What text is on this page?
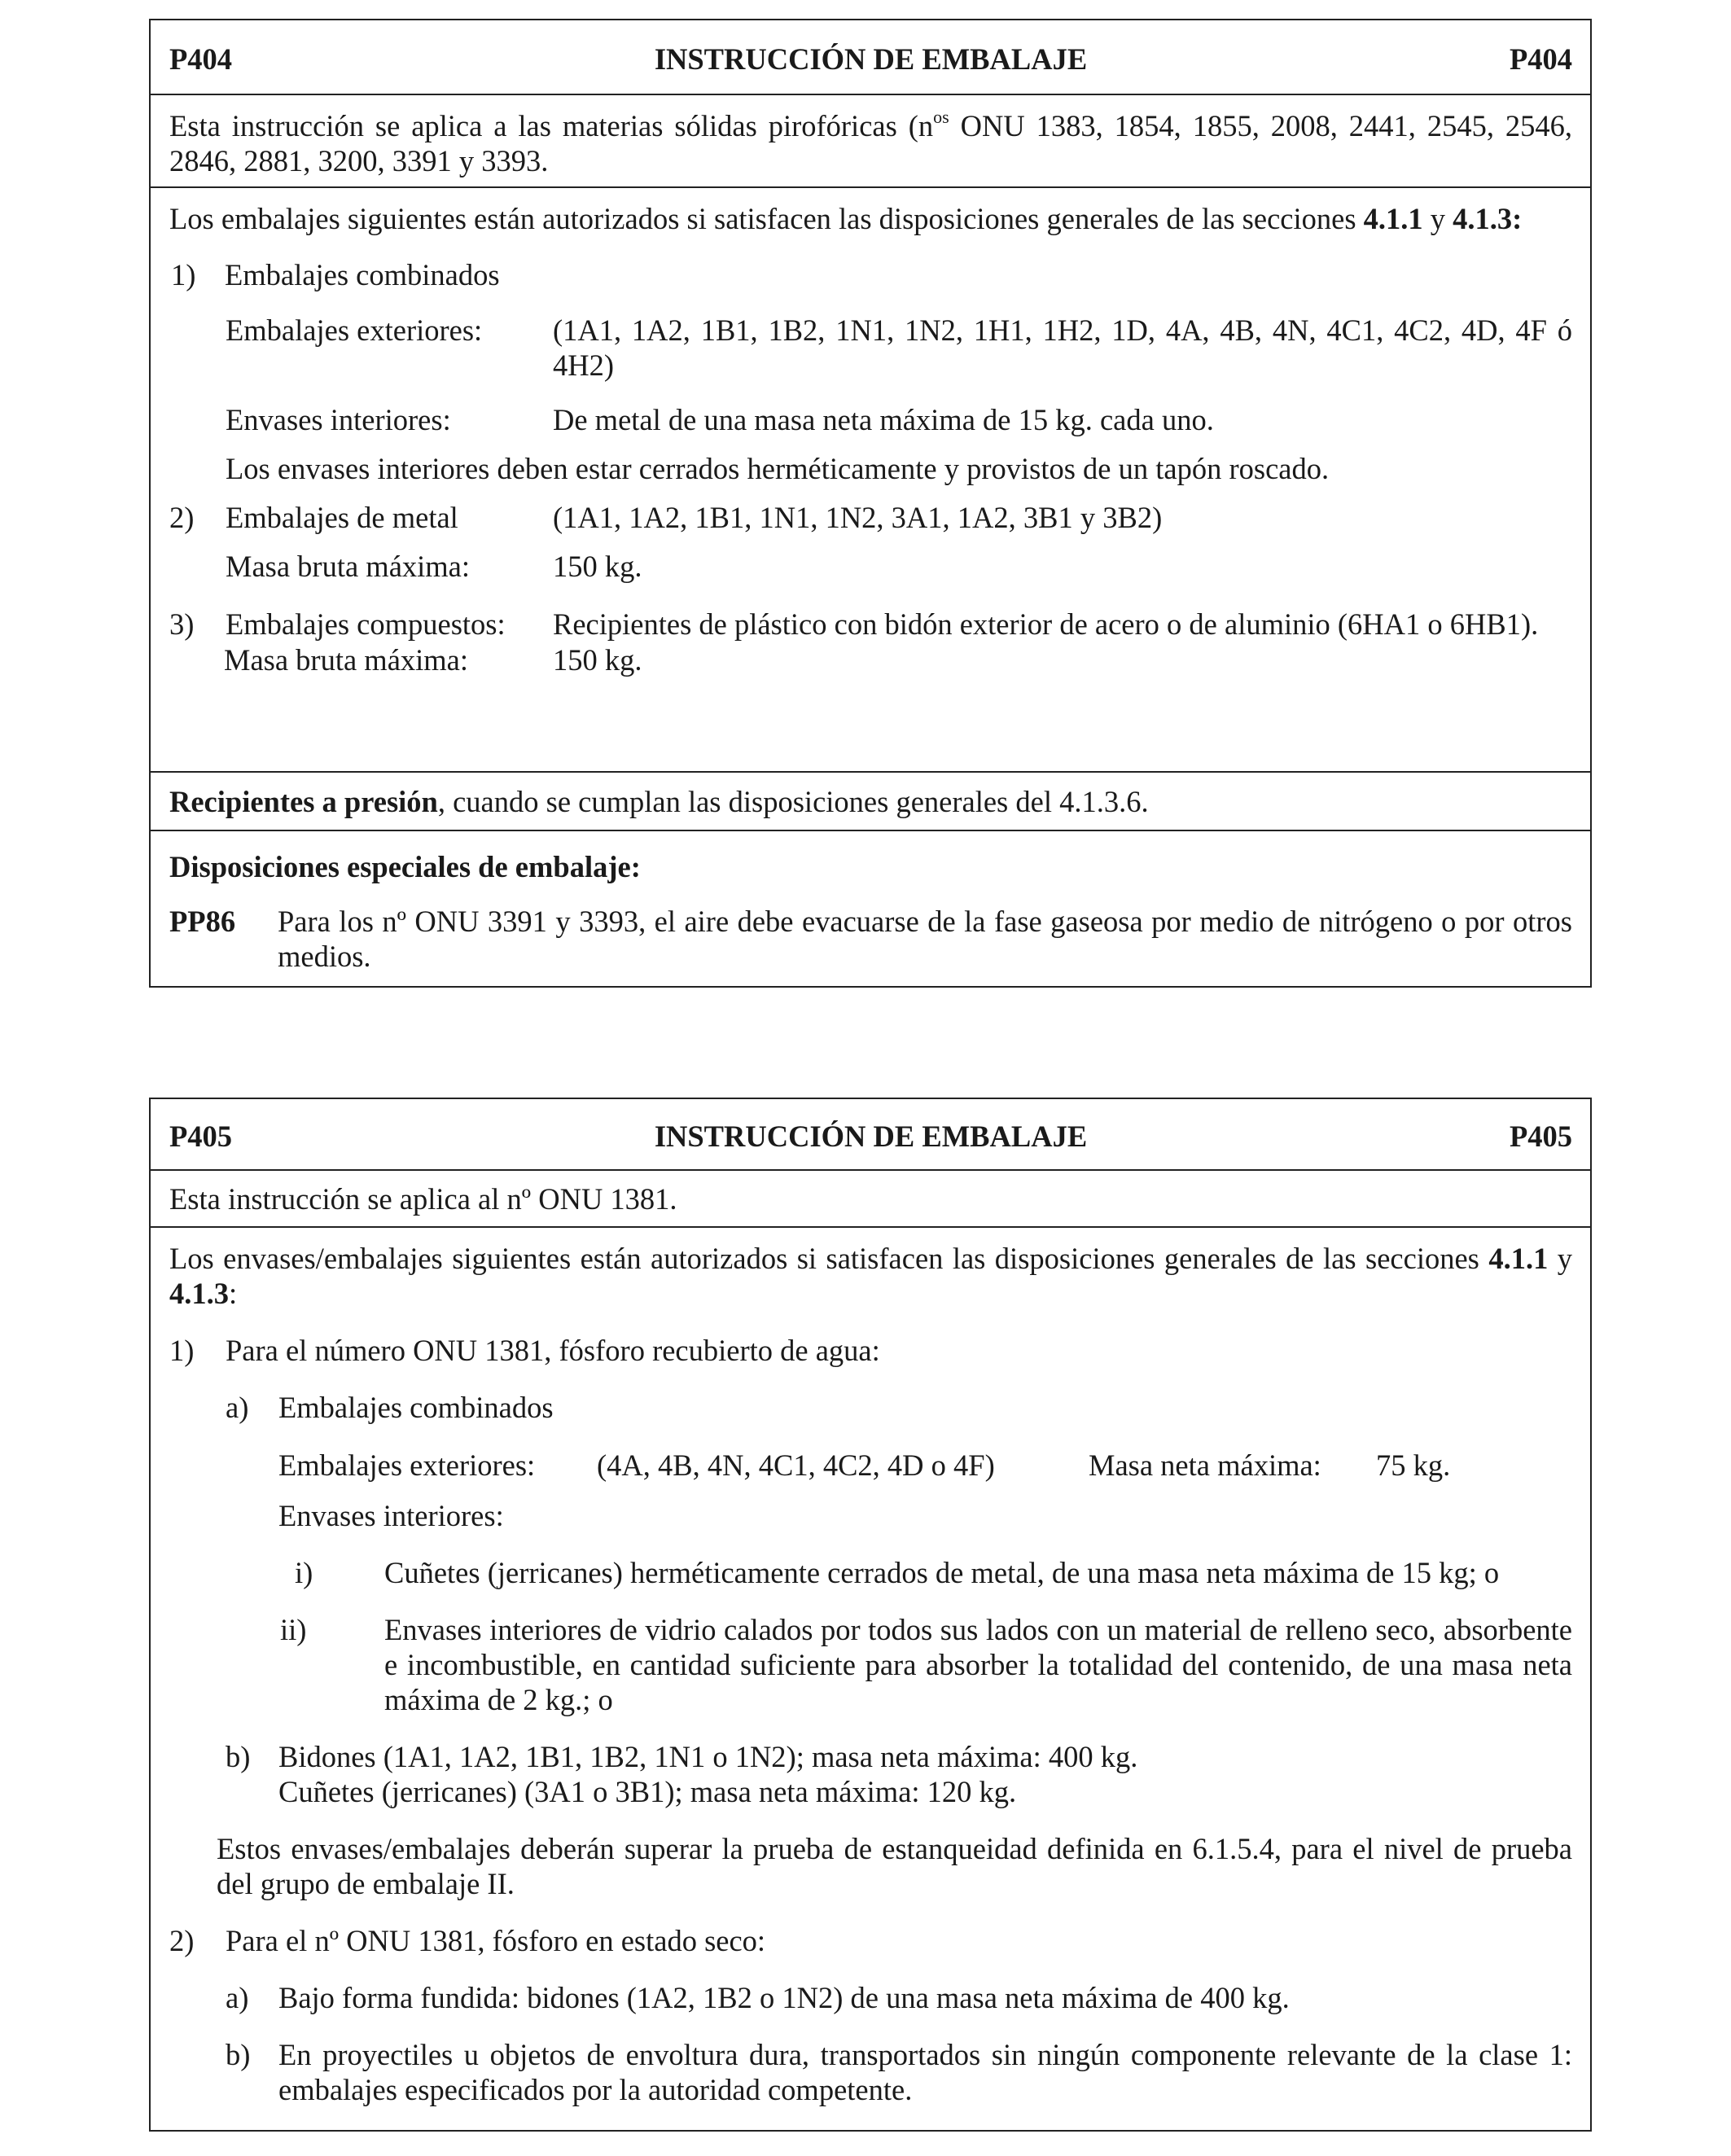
P404	INSTRUCCIÓN DE EMBALAJE	P404
Esta instrucción se aplica a las materias sólidas pirofóricas ($n^{os}$ ONU 1383, 1854, 1855, 2008, 2441, 2545, 2546, 2846, 2881, 3200, 3391 y 3393.
Los embalajes siguientes están autorizados si satisfacen las disposiciones generales de las secciones 4.1.1 y 4.1.3:
1) Embalajes combinados
Embalajes exteriores:	(1A1, 1A2, 1B1, 1B2, 1N1, 1N2, 1H1, 1H2, 1D, 4A, 4B, 4N, 4C1, 4C2, 4D, 4F ó 4H2)
Envases interiores:	De metal de una masa neta máxima de 15 kg. cada uno.
Los envases interiores deben estar cerrados herméticamente y provistos de un tapón roscado.
2)	Embalajes de metal	(1A1, 1A2, 1B1, 1N1, 1N2, 3A1, 1A2, 3B1 y 3B2)
Masa bruta máxima:	150 kg.
3)	Embalajes compuestos:	Recipientes de plástico con bidón exterior de acero o de aluminio (6HA1 o 6HB1).
Masa bruta máxima:	150 kg.
Recipientes a presión, cuando se cumplan las disposiciones generales del 4.1.3.6.
Disposiciones especiales de embalaje:
PP86	Para los nº ONU 3391 y 3393, el aire debe evacuarse de la fase gaseosa por medio de nitrógeno o por otros medios.
P405	INSTRUCCIÓN DE EMBALAJE	P405
Esta instrucción se aplica al nº ONU 1381.
Los envases/embalajes siguientes están autorizados si satisfacen las disposiciones generales de las secciones 4.1.1 y 4.1.3:
1)	Para el número ONU 1381, fósforo recubierto de agua:
a)	Embalajes combinados
Embalajes exteriores:	(4A, 4B, 4N, 4C1, 4C2, 4D o 4F)	Masa neta máxima:	75 kg.
Envases interiores:
i)	Cuñetes (jerricanes) herméticamente cerrados de metal, de una masa neta máxima de 15 kg; o
ii)	Envases interiores de vidrio calados por todos sus lados con un material de relleno seco, absorbente e incombustible, en cantidad suficiente para absorber la totalidad del contenido, de una masa neta máxima de 2 kg.; o
b) Bidones (1A1, 1A2, 1B1, 1B2, 1N1 o 1N2); masa neta máxima: 400 kg.
Cuñetes (jerricanes) (3A1 o 3B1); masa neta máxima: 120 kg.
Estos envases/embalajes deberán superar la prueba de estanqueidad definida en 6.1.5.4, para el nivel de prueba del grupo de embalaje II.
2)	Para el nº ONU 1381, fósforo en estado seco:
a)	Bajo forma fundida: bidones (1A2, 1B2 o 1N2) de una masa neta máxima de 400 kg.
b) En proyectiles u objetos de envoltura dura, transportados sin ningún componente relevante de la clase 1: embalajes especificados por la autoridad competente.
